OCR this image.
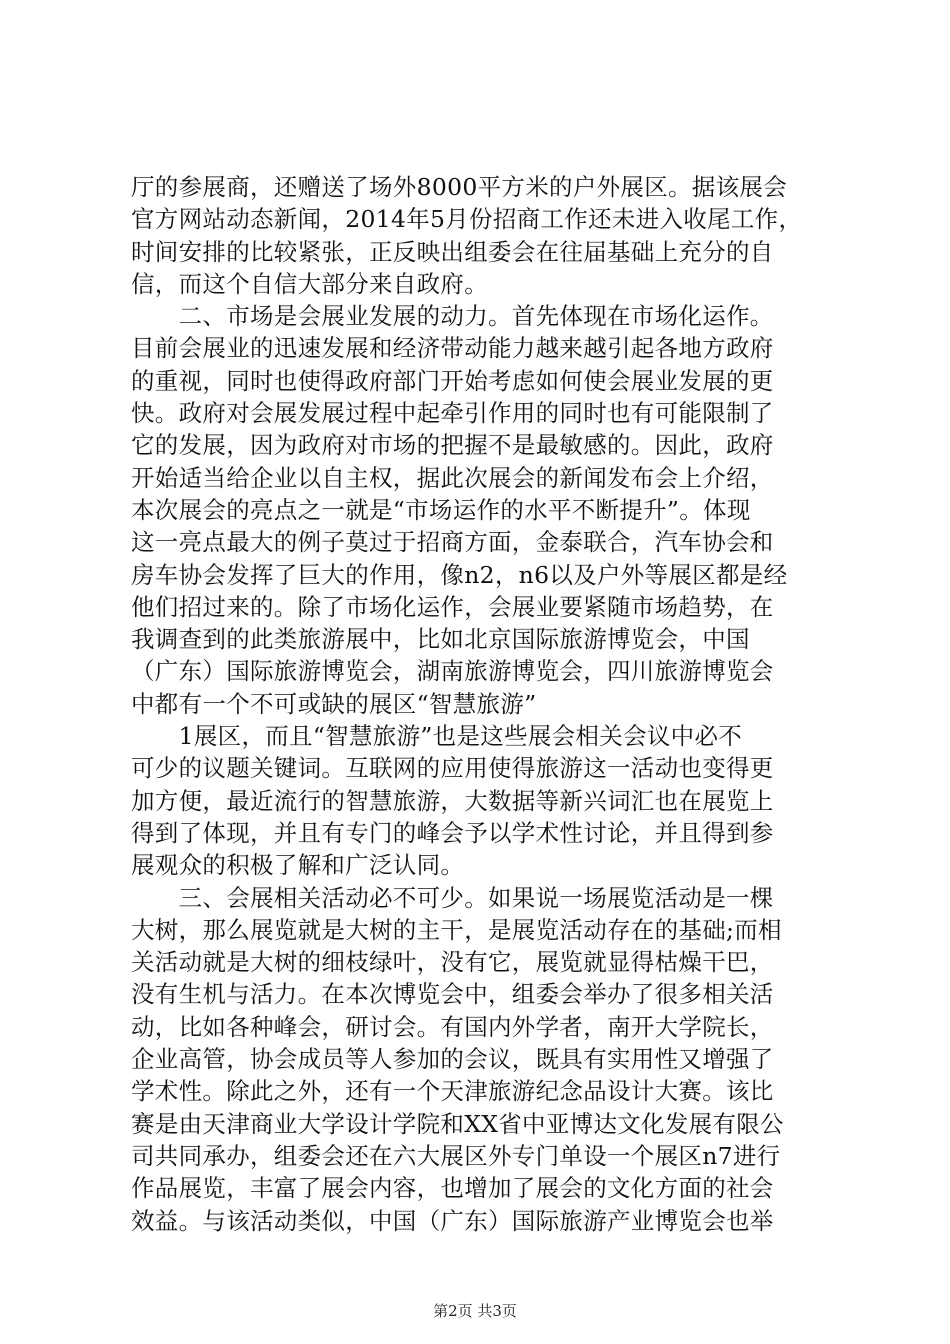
厅的参展商，还赠送了场外8000平方米的户外展区。据该展会
官方网站动态新闻，2014年5月份招商工作还未进入收尾工作，
时间安排的比较紧张，正反映出组委会在往届基础上充分的自
信，而这个自信大部分来自政府。
　　二、市场是会展业发展的动力。首先体现在市场化运作。
目前会展业的迅速发展和经济带动能力越来越引起各地方政府
的重视，同时也使得政府部门开始考虑如何使会展业发展的更
快。政府对会展发展过程中起牵引作用的同时也有可能限制了
它的发展，因为政府对市场的把握不是最敏感的。因此，政府
开始适当给企业以自主权，据此次展会的新闻发布会上介绍，
本次展会的亮点之一就是“市场运作的水平不断提升”。体现
这一亮点最大的例子莫过于招商方面，金泰联合，汽车协会和
房车协会发挥了巨大的作用，像n2，n6以及户外等展区都是经
他们招过来的。除了市场化运作，会展业要紧随市场趋势，在
我调查到的此类旅游展中，比如北京国际旅游博览会，中国
（广东）国际旅游博览会，湖南旅游博览会，四川旅游博览会
中都有一个不可或缺的展区“智慧旅游”
　　1展区，而且“智慧旅游”也是这些展会相关会议中必不
可少的议题关键词。互联网的应用使得旅游这一活动也变得更
加方便，最近流行的智慧旅游，大数据等新兴词汇也在展览上
得到了体现，并且有专门的峰会予以学术性讨论，并且得到参
展观众的积极了解和广泛认同。
　　三、会展相关活动必不可少。如果说一场展览活动是一棵
大树，那么展览就是大树的主干，是展览活动存在的基础;而相
关活动就是大树的细枝绿叶，没有它，展览就显得枯燥干巴，
没有生机与活力。在本次博览会中，组委会举办了很多相关活
动，比如各种峰会，研讨会。有国内外学者，南开大学院长，
企业高管，协会成员等人参加的会议，既具有实用性又增强了
学术性。除此之外，还有一个天津旅游纪念品设计大赛。该比
赛是由天津商业大学设计学院和XX省中亚博达文化发展有限公
司共同承办，组委会还在六大展区外专门单设一个展区n7进行
作品展览，丰富了展会内容，也增加了展会的文化方面的社会
效益。与该活动类似，中国（广东）国际旅游产业博览会也举
第2页 共3页
